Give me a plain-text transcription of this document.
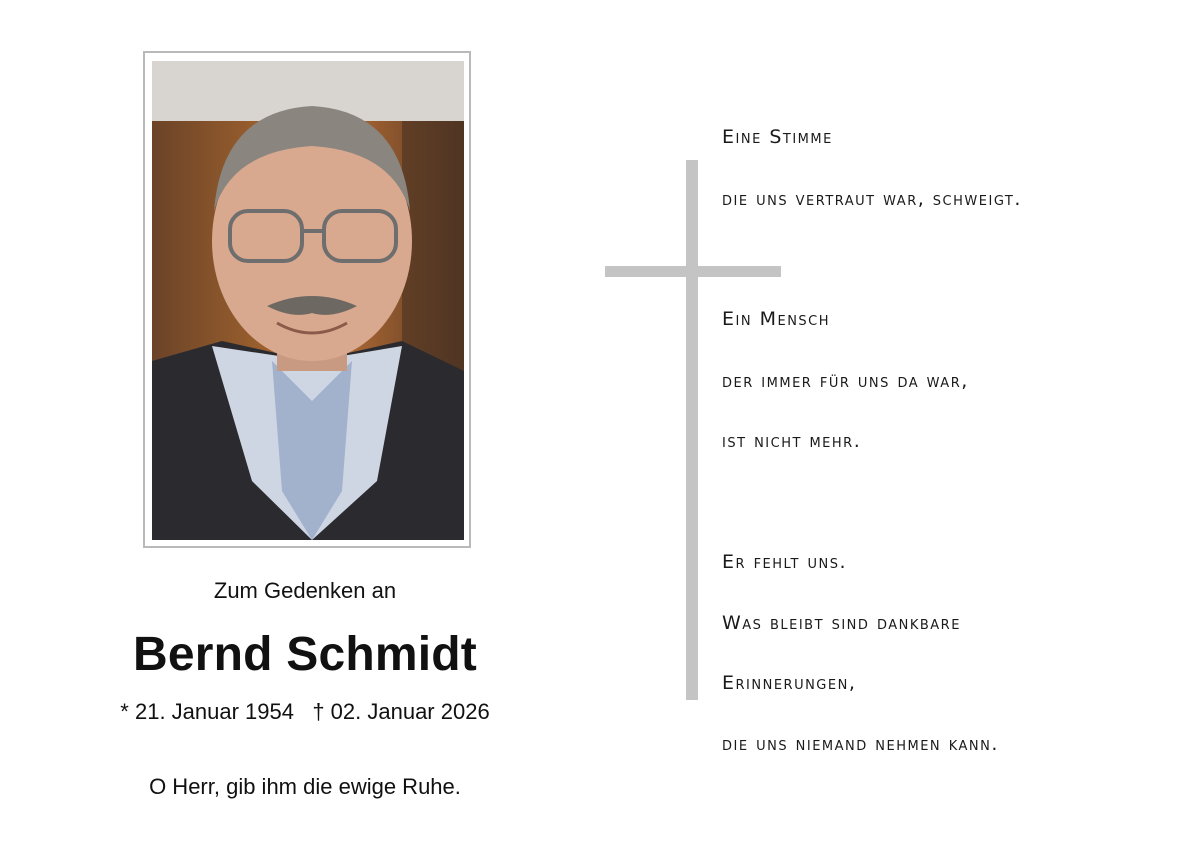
Zum Gedenken an
Bernd Schmidt
* 21. Januar 1954   † 02. Januar 2026
O Herr, gib ihm die ewige Ruhe.

Eine Stimme

die uns vertraut war, schweigt.

Ein Mensch

der immer für uns da war,

ist nicht mehr.

Er fehlt uns.

Was bleibt sind dankbare

Erinnerungen,

die uns niemand nehmen kann.
